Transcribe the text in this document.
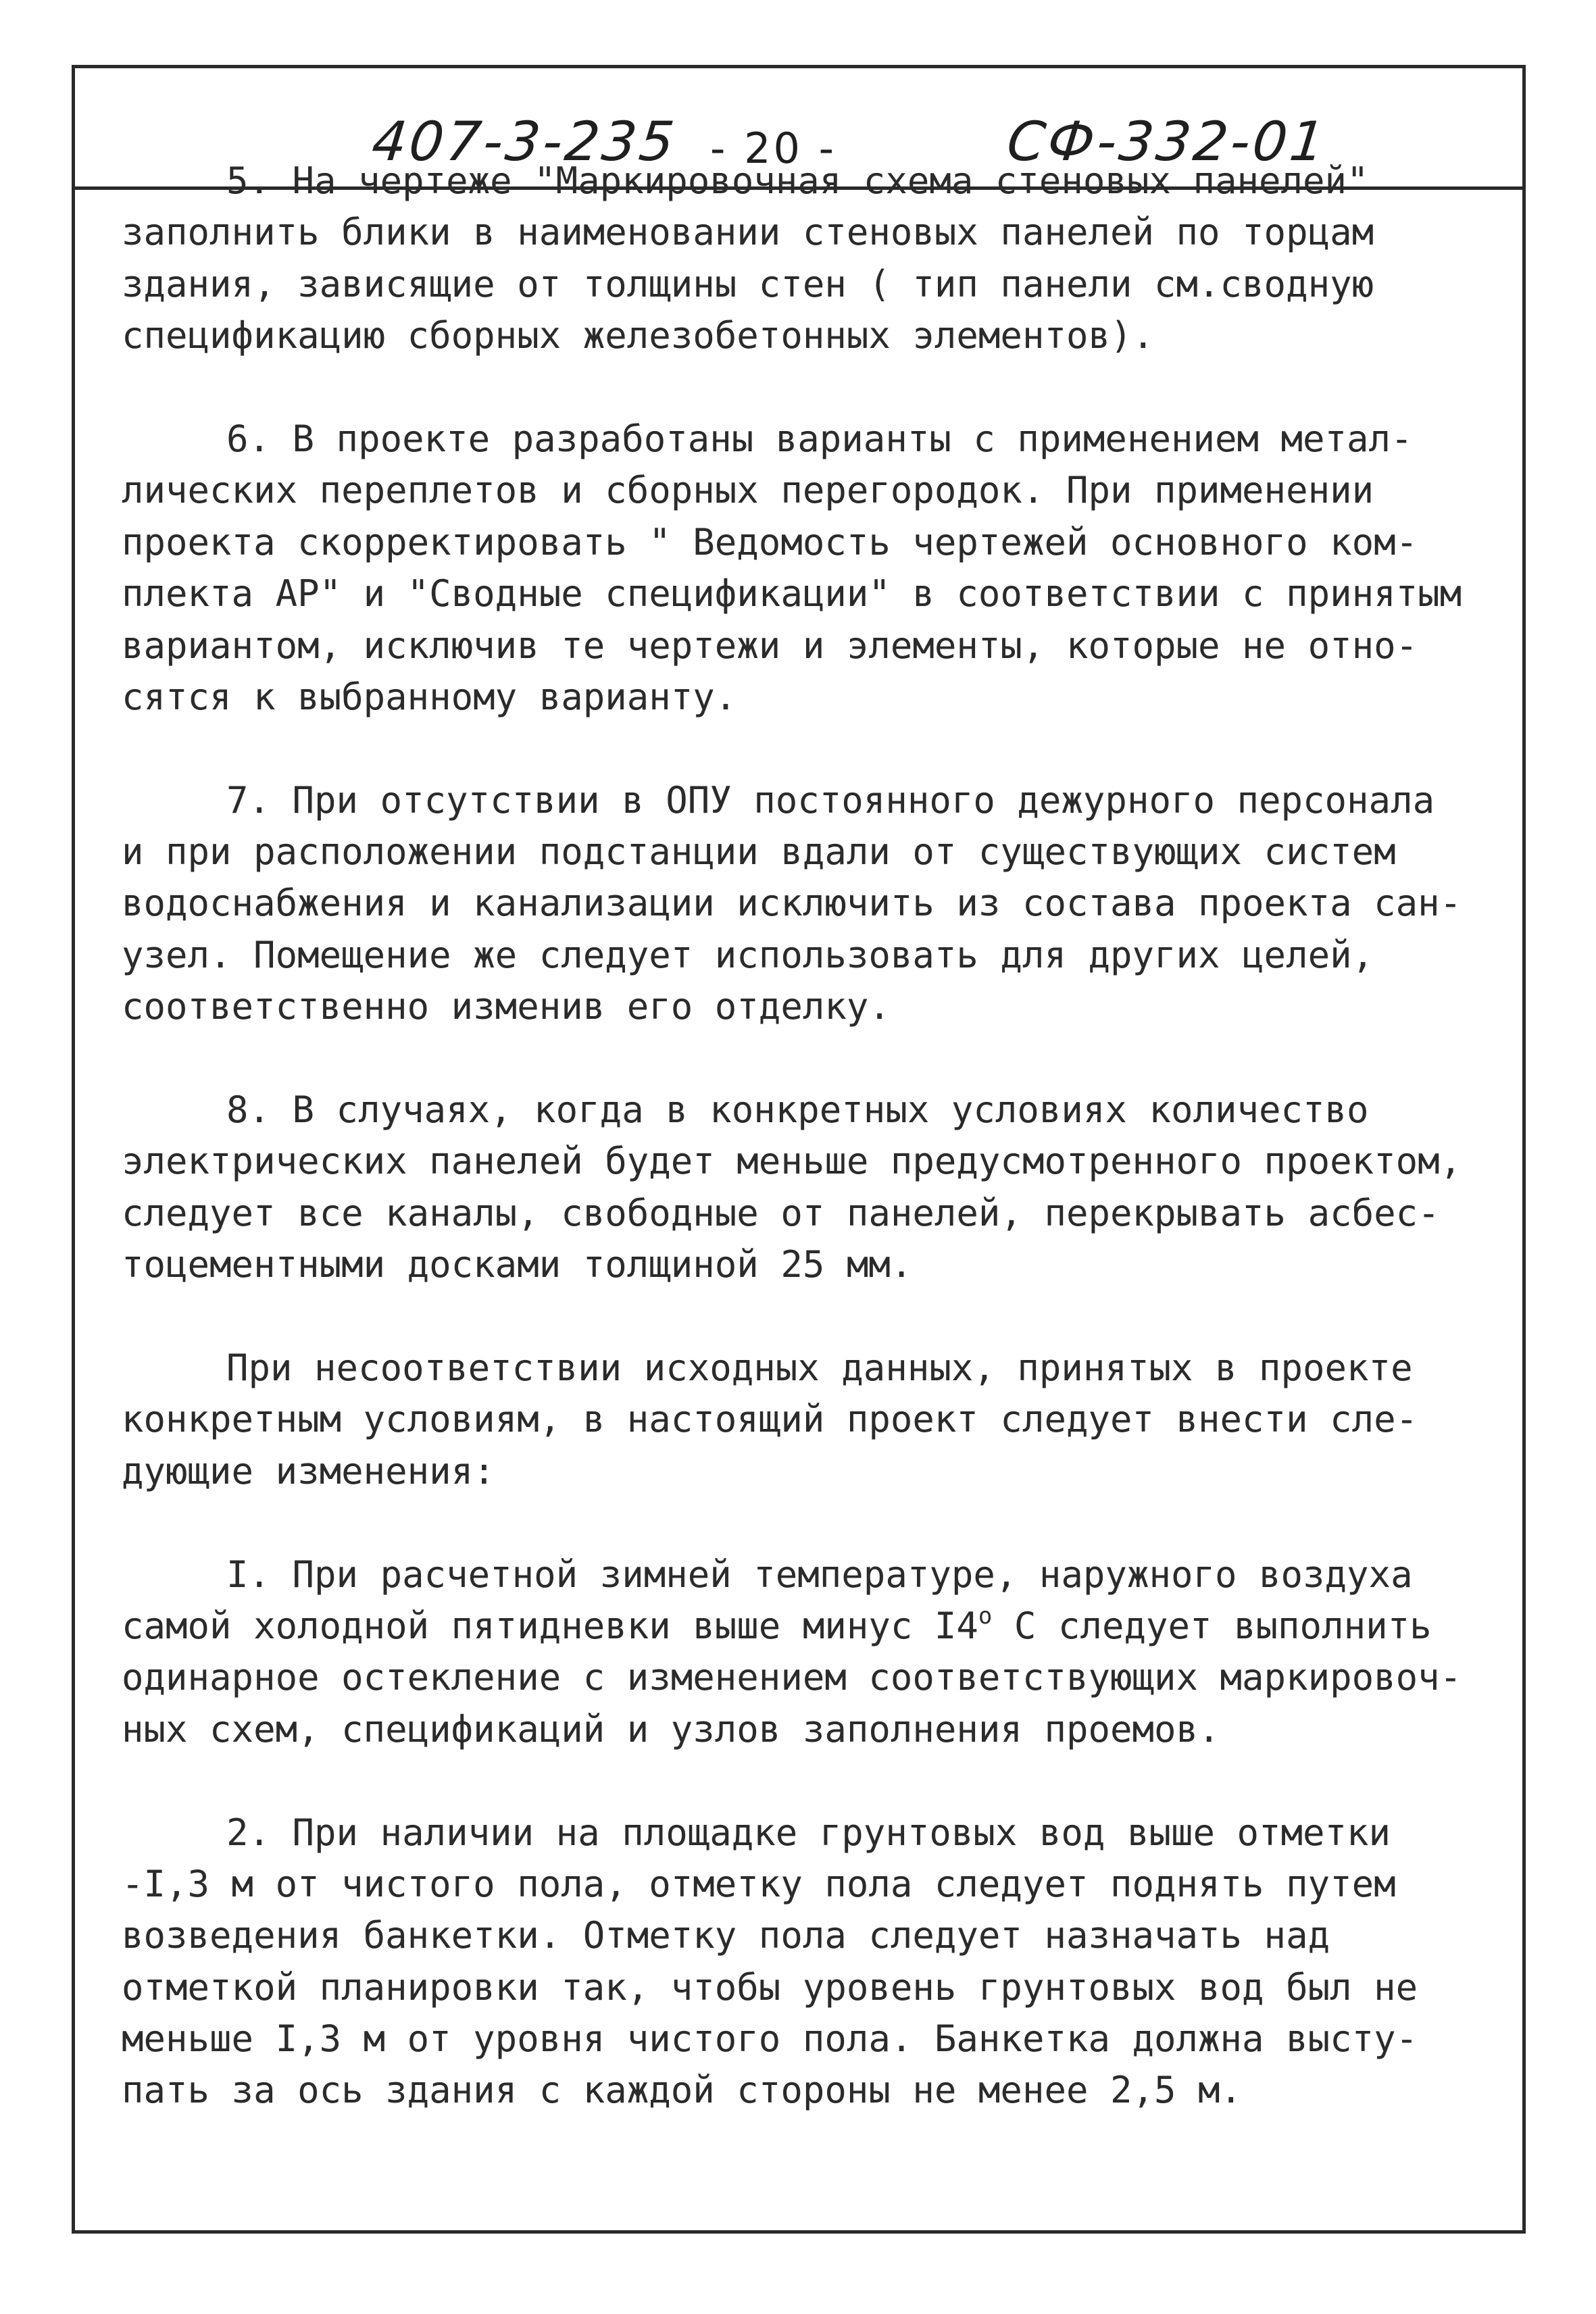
407-3-235 - 20 -	СФ-332-01
5. На чертеже "Маркировочная схема стеновых панелей"
заполнить блики в наименовании стеновых панелей по торцам
здания, зависящие от толщины стен ( тип панели см.сводную
спецификацию сборных железобетонных элементов).
6. В проекте разработаны варианты с применением метал-
лических переплетов и сборных перегородок. При применении
проекта скорректировать " Ведомость чертежей основного ком-
плекта АР" и "Сводные спецификации" в соответствии с принятым
вариантом, исключив те чертежи и элементы, которые не отно-
сятся к выбранному варианту.
7. При отсутствии в ОПУ постоянного дежурного персонала
и при расположении подстанции вдали от существующих систем
водоснабжения и канализации исключить из состава проекта сан-
узел. Помещение же следует использовать для других целей,
соответственно изменив его отделку.
8. В случаях, когда в конкретных условиях количество
электрических панелей будет меньше предусмотренного проектом,
следует все каналы, свободные от панелей, перекрывать асбес-
тоцементными досками толщиной 25 мм.
При несоответствии исходных данных, принятых в проекте
конкретным условиям, в настоящий проект следует внести сле-
дующие изменения:
I. При расчетной зимней температуре, наружного воздуха
самой холодной пятидневки выше минус $I4^о$ С следует выполнить
одинарное остекление с изменением соответствующих маркировоч-
ных схем, спецификаций и узлов заполнения проемов.
2. При наличии на площадке грунтовых вод выше отметки
-I,3 м от чистого пола, отметку пола следует поднять путем
возведения банкетки. Отметку пола следует назначать над
отметкой планировки так, чтобы уровень грунтовых вод был не
меньше I,3 м от уровня чистого пола. Банкетка должна высту-
пать за ось здания с каждой стороны не менее 2,5 м.
